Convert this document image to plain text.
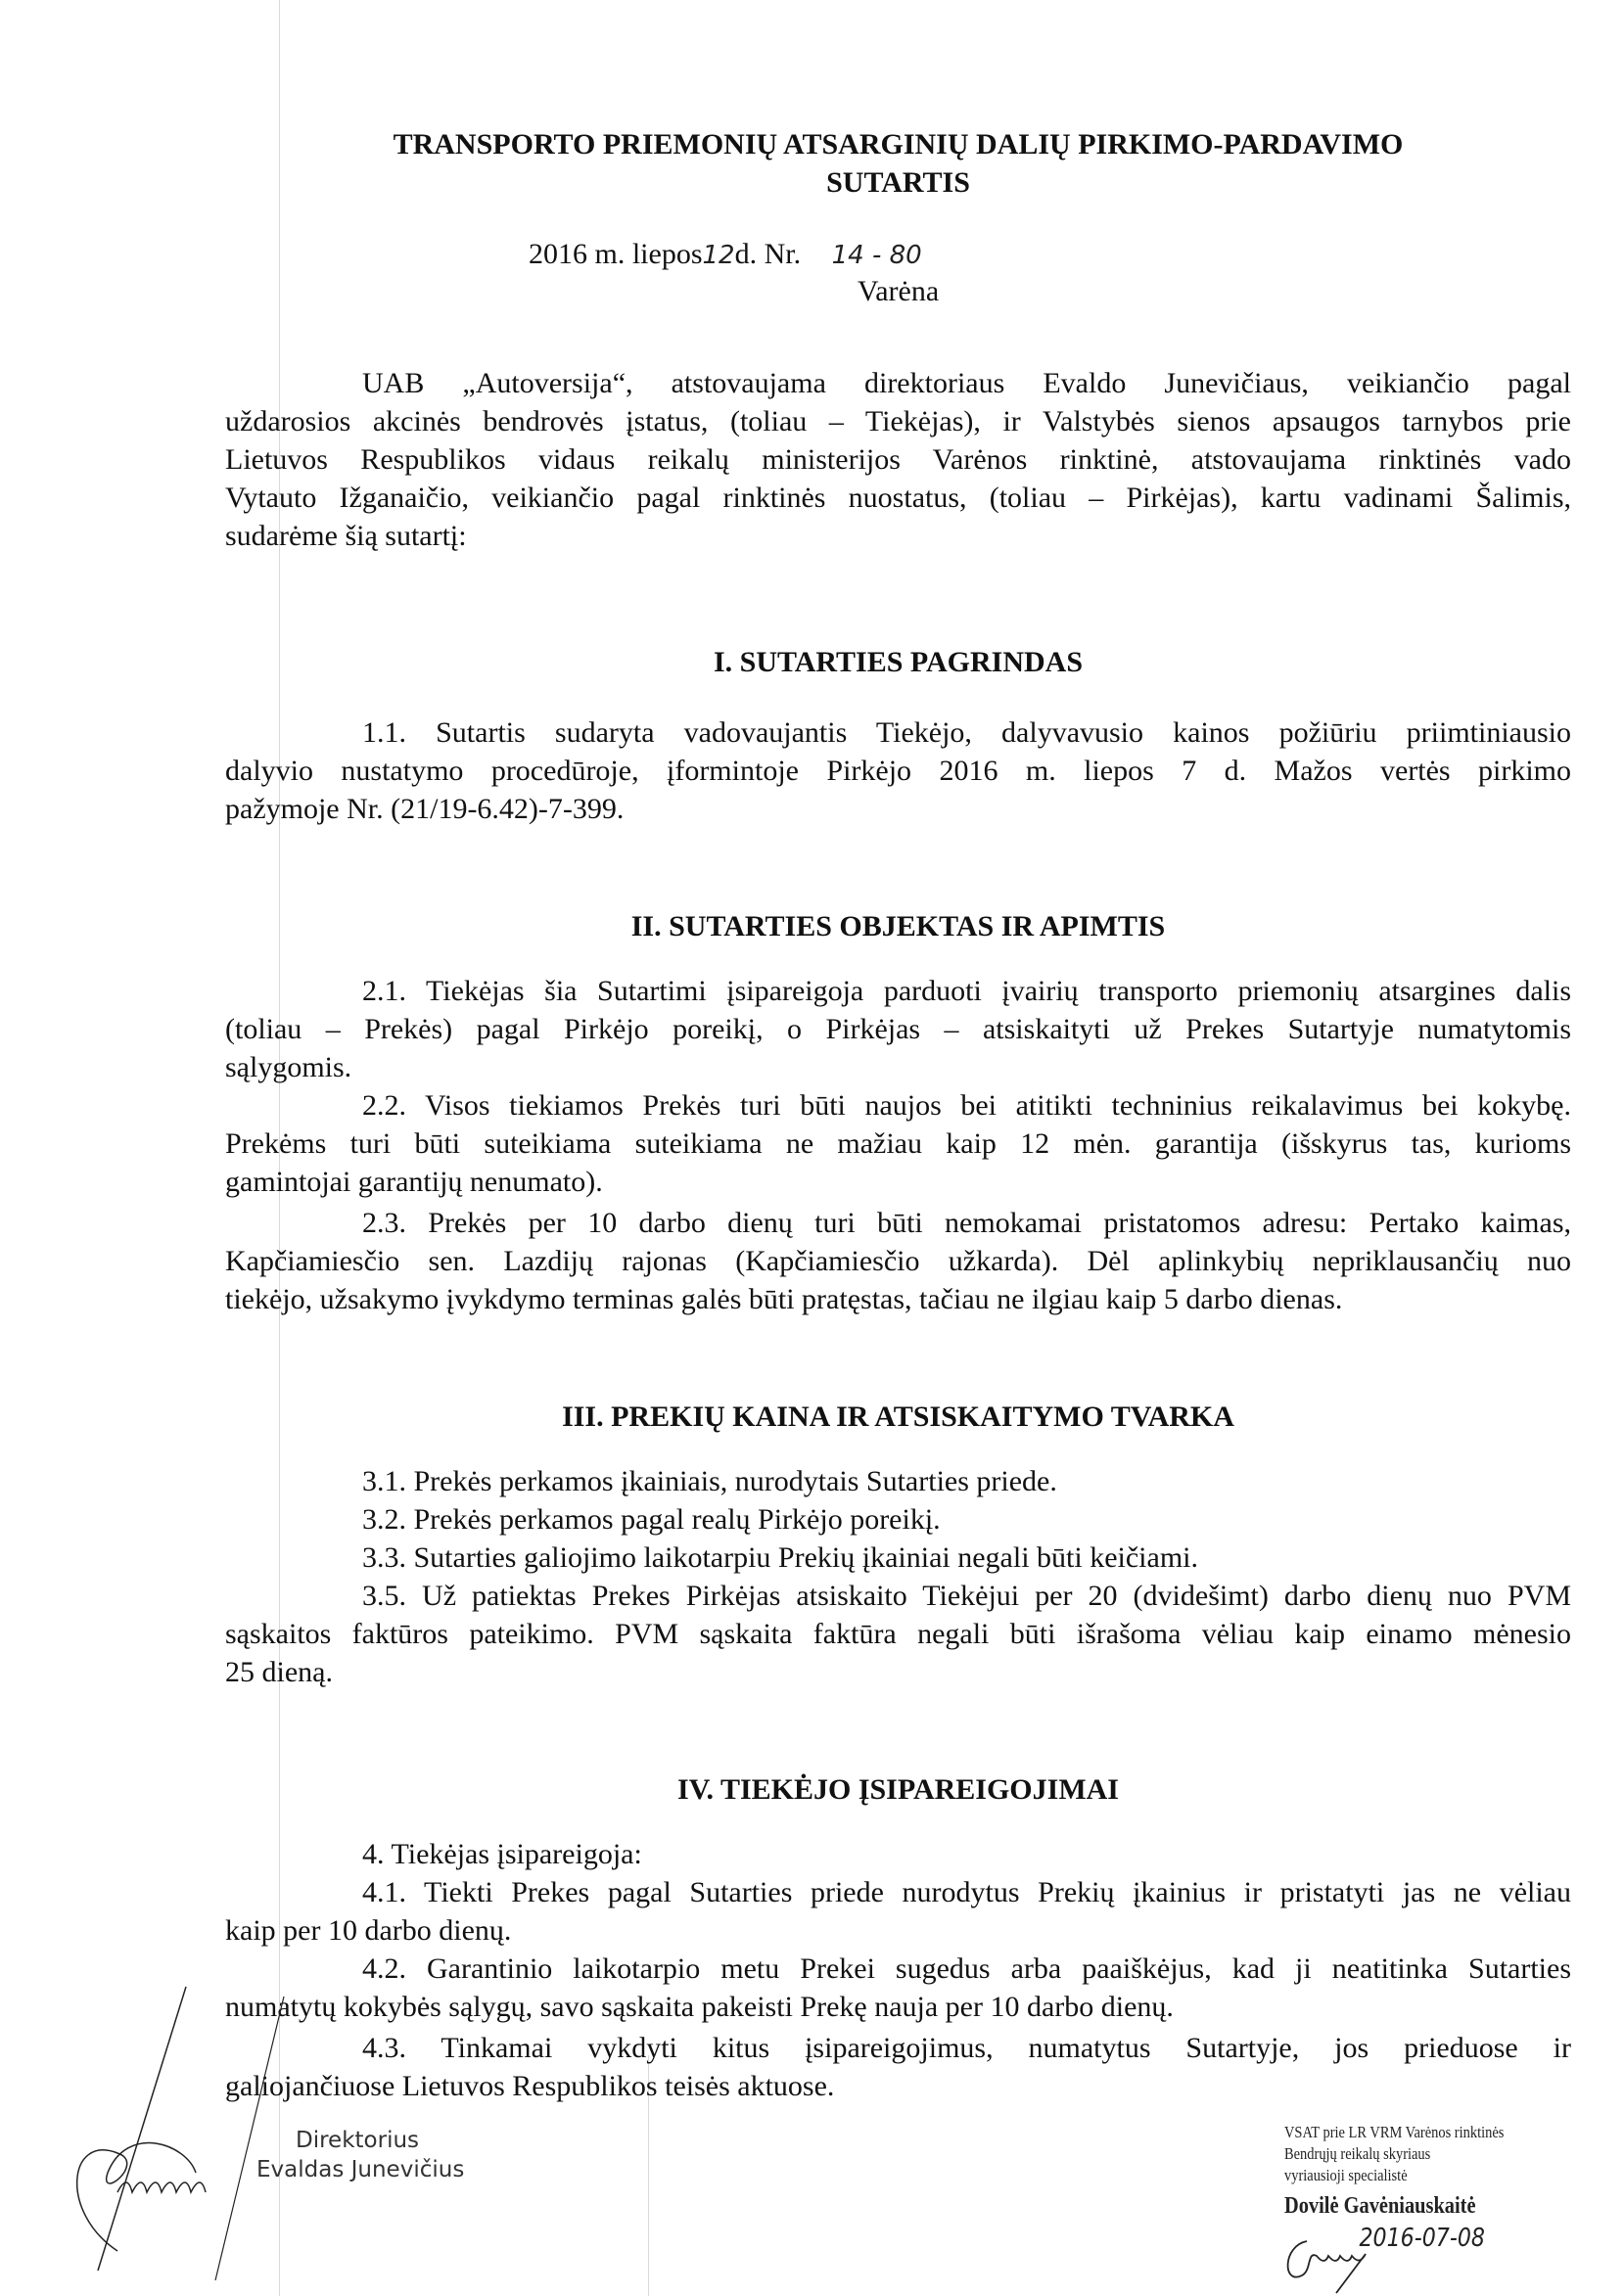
TRANSPORTO PRIEMONIŲ ATSARGINIŲ DALIŲ PIRKIMO-PARDAVIMO
SUTARTIS
2016 m. liepos12d. Nr. 14 - 80
Varėna
UAB „Autoversija“, atstovaujama direktoriaus Evaldo Junevičiaus, veikiančio pagal
uždarosios akcinės bendrovės įstatus, (toliau – Tiekėjas), ir Valstybės sienos apsaugos tarnybos prie
Lietuvos Respublikos vidaus reikalų ministerijos Varėnos rinktinė, atstovaujama rinktinės vado
Vytauto Ižganaičio, veikiančio pagal rinktinės nuostatus, (toliau – Pirkėjas), kartu vadinami Šalimis,
sudarėme šią sutartį:
I. SUTARTIES PAGRINDAS
1.1. Sutartis sudaryta vadovaujantis Tiekėjo, dalyvavusio kainos požiūriu priimtiniausio
dalyvio nustatymo procedūroje, įformintoje Pirkėjo 2016 m. liepos 7 d. Mažos vertės pirkimo
pažymoje Nr. (21/19-6.42)-7-399.
II. SUTARTIES OBJEKTAS IR APIMTIS
2.1. Tiekėjas šia Sutartimi įsipareigoja parduoti įvairių transporto priemonių atsargines dalis
(toliau – Prekės) pagal Pirkėjo poreikį, o Pirkėjas – atsiskaityti už Prekes Sutartyje numatytomis
sąlygomis.
2.2. Visos tiekiamos Prekės turi būti naujos bei atitikti techninius reikalavimus bei kokybę.
Prekėms turi būti suteikiama suteikiama ne mažiau kaip 12 mėn. garantija (išskyrus tas, kurioms
gamintojai garantijų nenumato).
2.3. Prekės per 10 darbo dienų turi būti nemokamai pristatomos adresu: Pertako kaimas,
Kapčiamiesčio sen. Lazdijų rajonas (Kapčiamiesčio užkarda). Dėl aplinkybių nepriklausančių nuo
tiekėjo, užsakymo įvykdymo terminas galės būti pratęstas, tačiau ne ilgiau kaip 5 darbo dienas.
III. PREKIŲ KAINA IR ATSISKAITYMO TVARKA
3.1. Prekės perkamos įkainiais, nurodytais Sutarties priede.
3.2. Prekės perkamos pagal realų Pirkėjo poreikį.
3.3. Sutarties galiojimo laikotarpiu Prekių įkainiai negali būti keičiami.
3.5. Už patiektas Prekes Pirkėjas atsiskaito Tiekėjui per 20 (dvidešimt) darbo dienų nuo PVM
sąskaitos faktūros pateikimo. PVM sąskaita faktūra negali būti išrašoma vėliau kaip einamo mėnesio
25 dieną.
IV. TIEKĖJO ĮSIPAREIGOJIMAI
4. Tiekėjas įsipareigoja:
4.1. Tiekti Prekes pagal Sutarties priede nurodytus Prekių įkainius ir pristatyti jas ne vėliau
kaip per 10 darbo dienų.
4.2. Garantinio laikotarpio metu Prekei sugedus arba paaiškėjus, kad ji neatitinka Sutarties
numatytų kokybės sąlygų, savo sąskaita pakeisti Prekę nauja per 10 darbo dienų.
4.3. Tinkamai vykdyti kitus įsipareigojimus, numatytus Sutartyje, jos prieduose ir
galiojančiuose Lietuvos Respublikos teisės aktuose.
Direktorius
Evaldas Junevičius
VSAT prie LR VRM Varėnos rinktinės
Bendrųjų reikalų skyriaus
vyriausioji specialistė
Dovilė Gavėniauskaitė
2016-07-08
